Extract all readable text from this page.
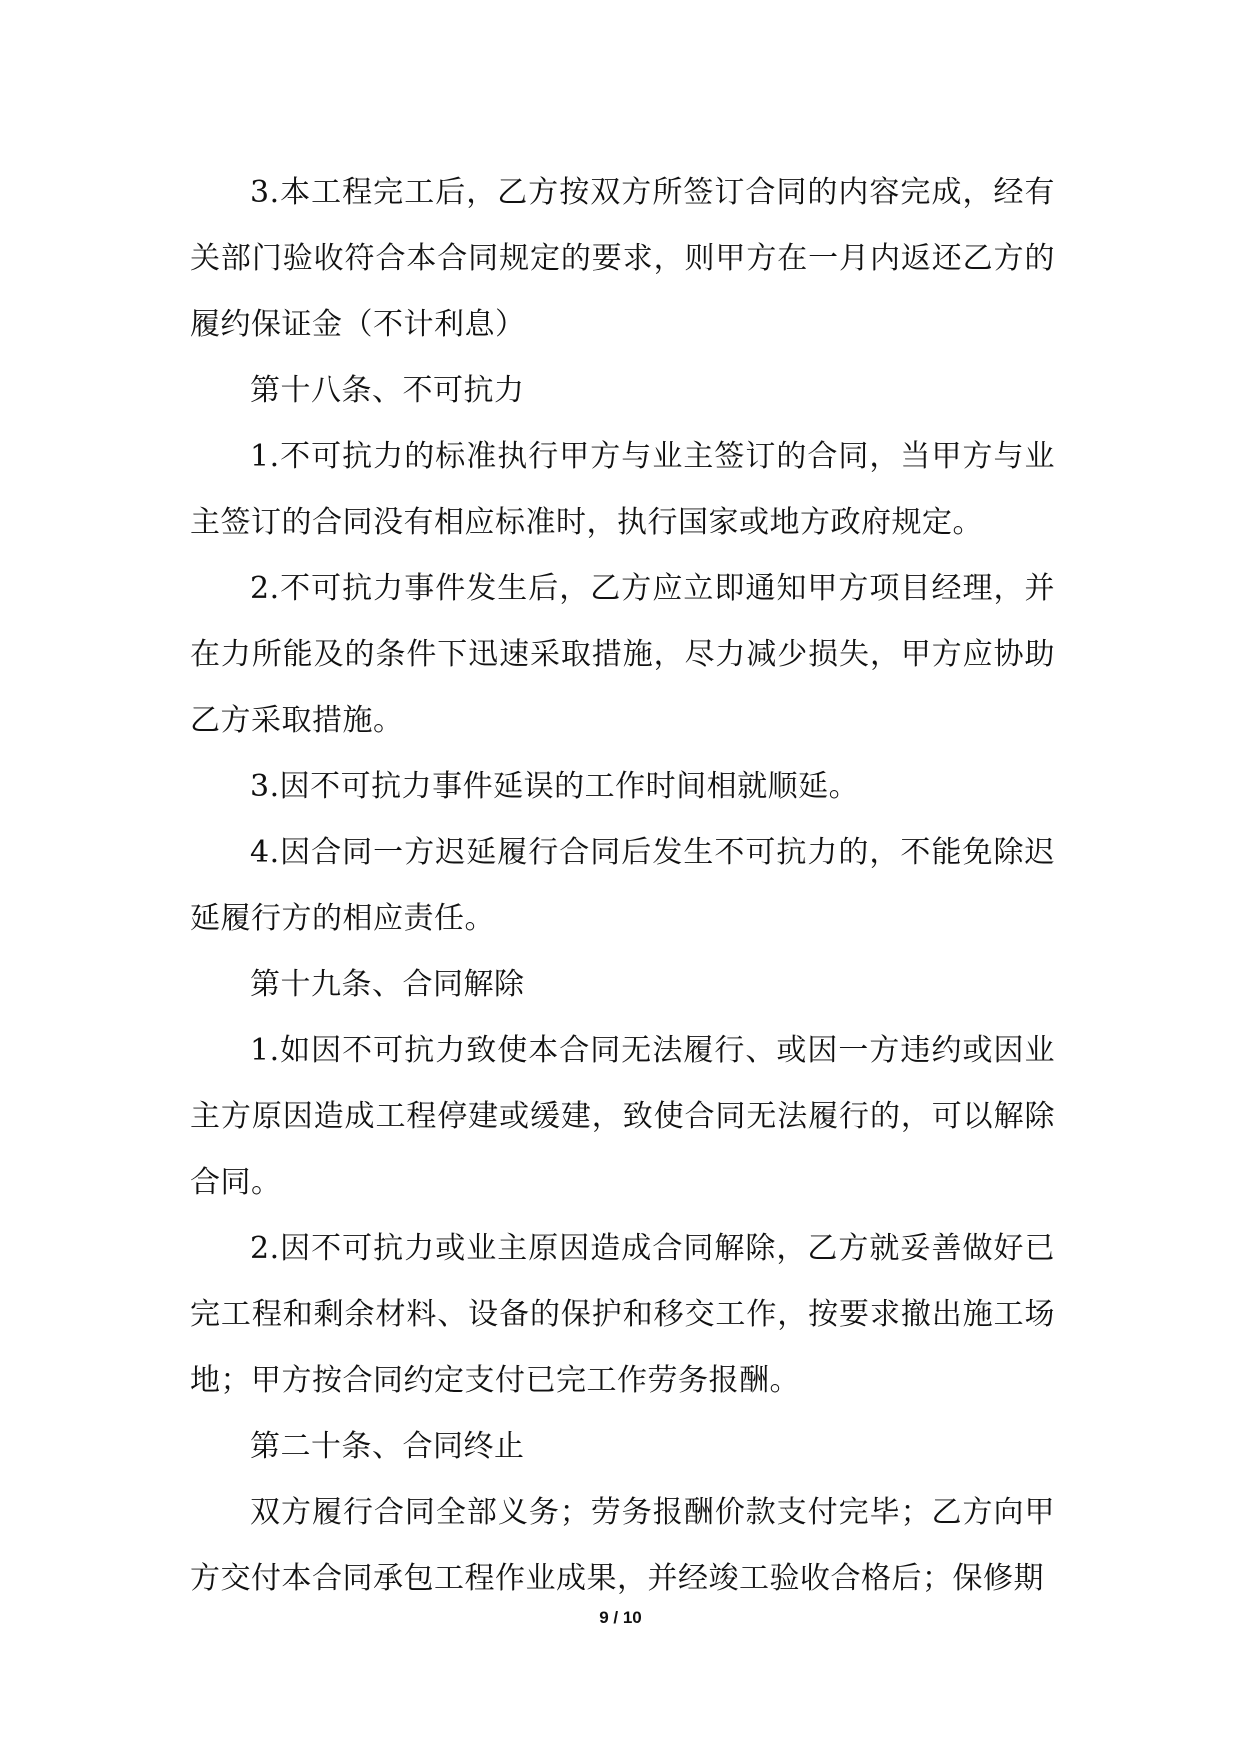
3.本工程完工后，乙方按双方所签订合同的内容完成，经有关部门验收符合本合同规定的要求，则甲方在一月内返还乙方的履约保证金（不计利息）

第十八条、不可抗力

1.不可抗力的标准执行甲方与业主签订的合同，当甲方与业主签订的合同没有相应标准时，执行国家或地方政府规定。

2.不可抗力事件发生后，乙方应立即通知甲方项目经理，并在力所能及的条件下迅速采取措施，尽力减少损失，甲方应协助乙方采取措施。

3.因不可抗力事件延误的工作时间相就顺延。

4.因合同一方迟延履行合同后发生不可抗力的，不能免除迟延履行方的相应责任。

第十九条、合同解除

1.如因不可抗力致使本合同无法履行、或因一方违约或因业主方原因造成工程停建或缓建，致使合同无法履行的，可以解除合同。

2.因不可抗力或业主原因造成合同解除，乙方就妥善做好已完工程和剩余材料、设备的保护和移交工作，按要求撤出施工场地；甲方按合同约定支付已完工作劳务报酬。

第二十条、合同终止

双方履行合同全部义务；劳务报酬价款支付完毕；乙方向甲方交付本合同承包工程作业成果，并经竣工验收合格后；保修期

9 / 10
